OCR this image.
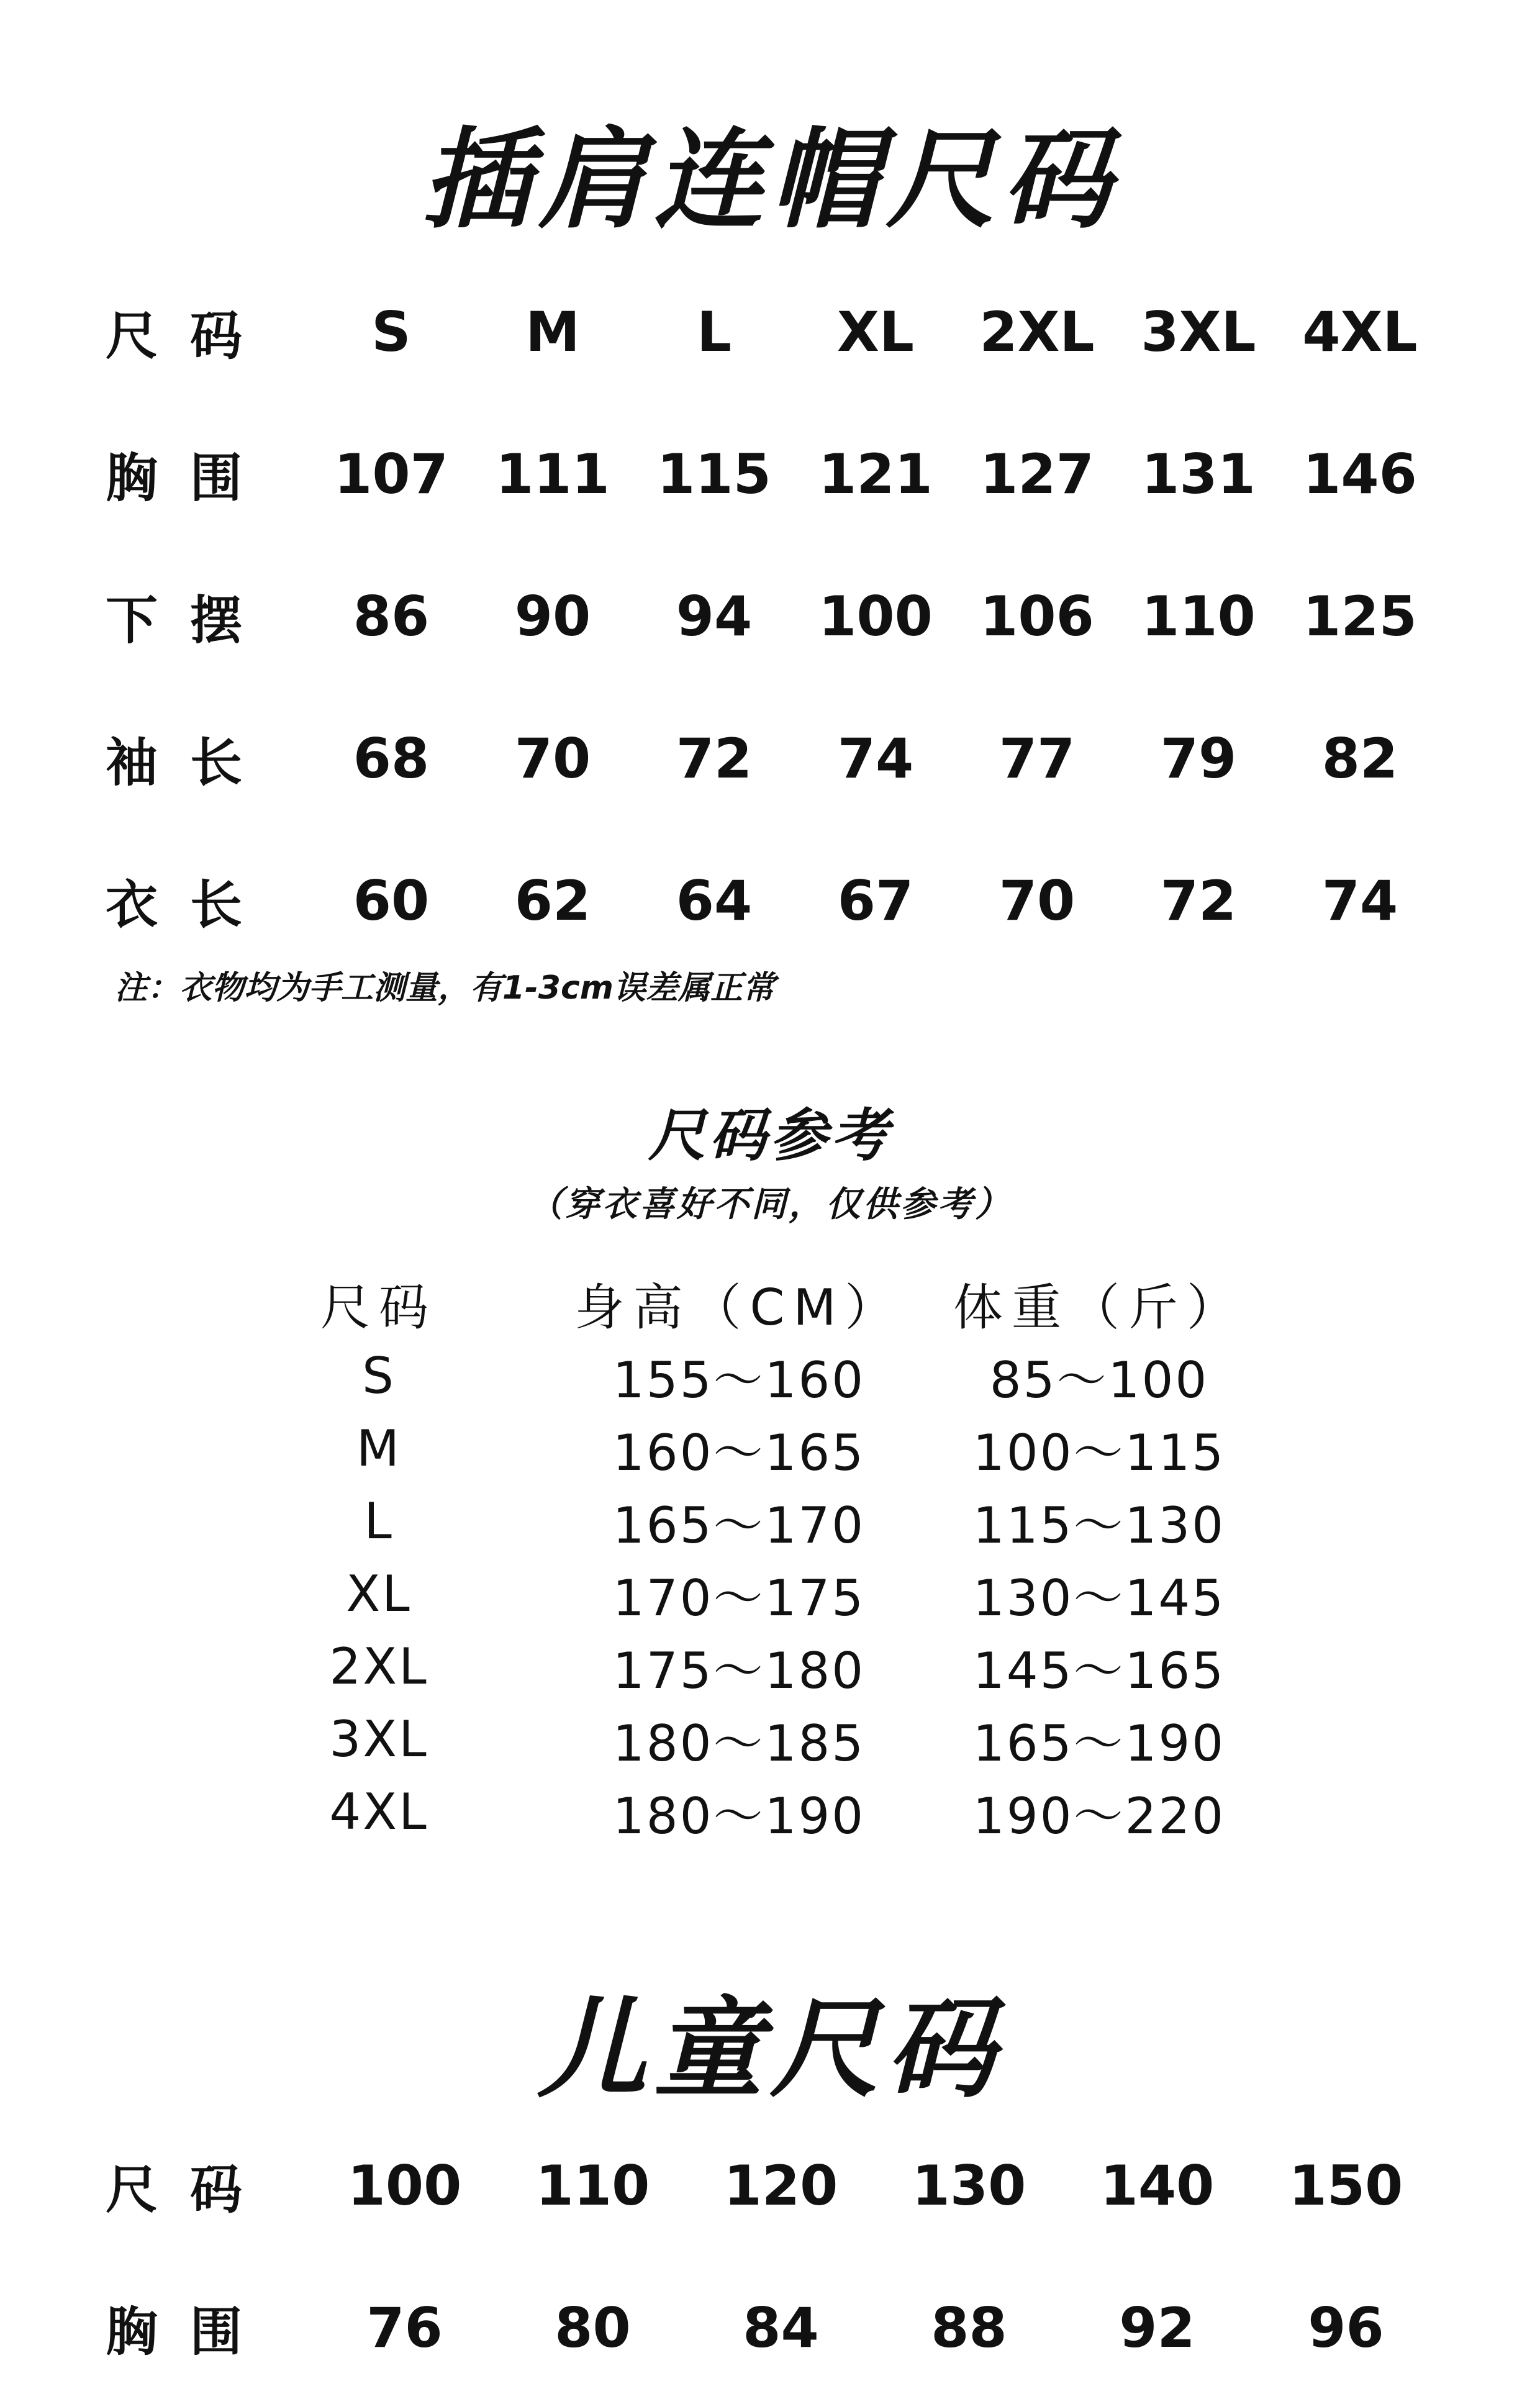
插肩连帽尺码
尺码	S	M	L	XL	2XL	3XL	4XL
胸围	107	111	115	121	127	131	146
下摆	86	90	94	100	106	110	125
袖长	68	70	72	74	77	79	82
衣长	60	62	64	67	70	72	74
注：衣物均为手工测量，有1-3cm误差属正常
尺码参考
（穿衣喜好不同，仅供参考）
尺码	身高（CM）	体重（斤）
S	155～160	85～100
M	160～165	100～115
L	165～170	115～130
XL	170～175	130～145
2XL	175～180	145～165
3XL	180～185	165～190
4XL	180～190	190～220
儿童尺码
尺码	100	110	120	130	140	150
胸围	76	80	84	88	92	96
